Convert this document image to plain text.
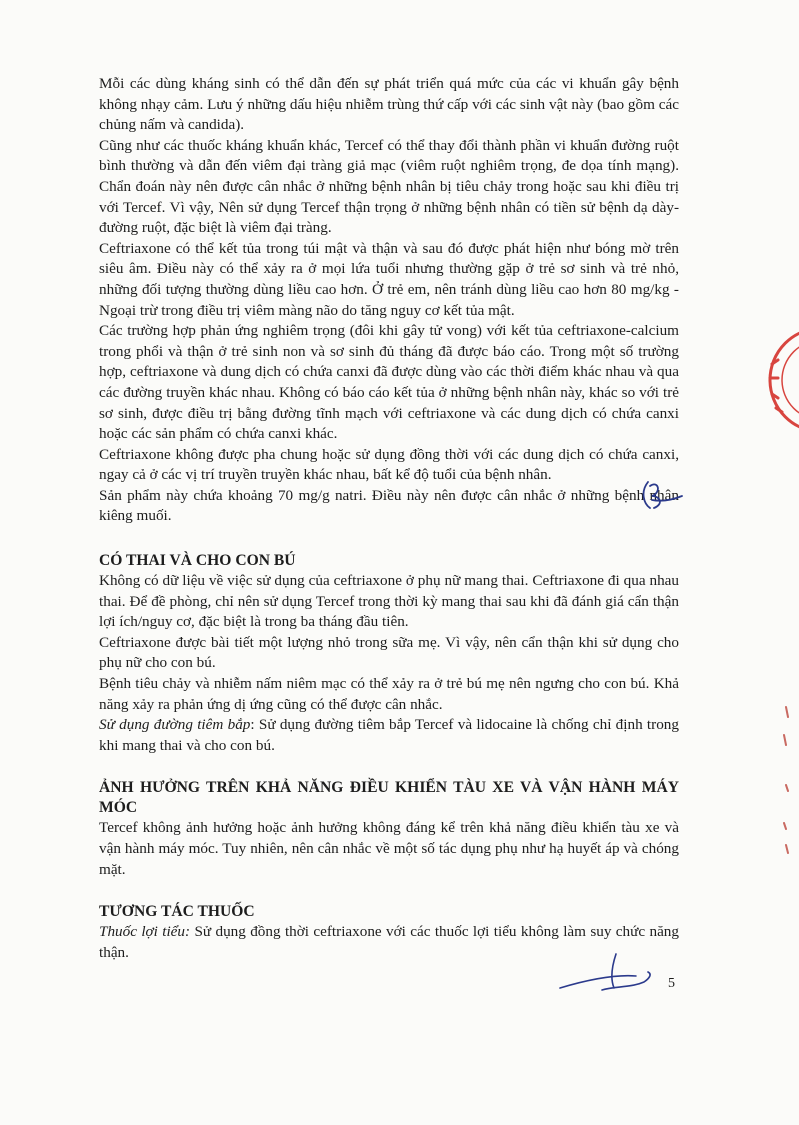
Mỗi các dùng kháng sinh có thể dẫn đến sự phát triển quá mức của các vi khuẩn gây bệnh không nhạy cảm. Lưu ý những dấu hiệu nhiễm trùng thứ cấp với các sinh vật này (bao gồm các chủng nấm và candida).

Cũng như các thuốc kháng khuẩn khác, Tercef có thể thay đổi thành phần vi khuẩn đường ruột bình thường và dẫn đến viêm đại tràng giả mạc (viêm ruột nghiêm trọng, đe dọa tính mạng). Chẩn đoán này nên được cân nhắc ở những bệnh nhân bị tiêu chảy trong hoặc sau khi điều trị với Tercef. Vì vậy, Nên sử dụng Tercef thận trọng ở những bệnh nhân có tiền sử bệnh dạ dày-đường ruột, đặc biệt là viêm đại tràng.

Ceftriaxone có thể kết tủa trong túi mật và thận và sau đó được phát hiện như bóng mờ trên siêu âm. Điều này có thể xảy ra ở mọi lứa tuổi nhưng thường gặp ở trẻ sơ sinh và trẻ nhỏ, những đối tượng thường dùng liều cao hơn. Ở trẻ em, nên tránh dùng liều cao hơn 80 mg/kg - Ngoại trừ trong điều trị viêm màng não do tăng nguy cơ kết tủa mật.

Các trường hợp phản ứng nghiêm trọng (đôi khi gây tử vong) với kết tủa ceftriaxone-calcium trong phổi và thận ở trẻ sinh non và sơ sinh đủ tháng đã được báo cáo. Trong một số trường hợp, ceftriaxone và dung dịch có chứa canxi đã được dùng vào các thời điểm khác nhau và qua các đường truyền khác nhau. Không có báo cáo kết tủa ở những bệnh nhân này, khác so với trẻ sơ sinh, được điều trị bằng đường tĩnh mạch với ceftriaxone và các dung dịch có chứa canxi hoặc các sản phẩm có chứa canxi khác.

Ceftriaxone không được pha chung hoặc sử dụng đồng thời với các dung dịch có chứa canxi, ngay cả ở các vị trí truyền truyền khác nhau, bất kể độ tuổi của bệnh nhân.

Sản phẩm này chứa khoảng 70 mg/g natri. Điều này nên được cân nhắc ở những bệnh nhân kiêng muối.

CÓ THAI VÀ CHO CON BÚ

Không có dữ liệu về việc sử dụng của ceftriaxone ở phụ nữ mang thai. Ceftriaxone đi qua nhau thai. Để đề phòng, chỉ nên sử dụng Tercef trong thời kỳ mang thai sau khi đã đánh giá cẩn thận lợi ích/nguy cơ, đặc biệt là trong ba tháng đầu tiên.

Ceftriaxone được bài tiết một lượng nhỏ trong sữa mẹ. Vì vậy, nên cẩn thận khi sử dụng cho phụ nữ cho con bú.

Bệnh tiêu chảy và nhiễm nấm niêm mạc có thể xảy ra ở trẻ bú mẹ nên ngưng cho con bú. Khả năng xảy ra phản ứng dị ứng cũng có thể được cân nhắc.

Sử dụng đường tiêm bắp: Sử dụng đường tiêm bắp Tercef và lidocaine là chống chỉ định trong khi mang thai và cho con bú.

ẢNH HƯỞNG TRÊN KHẢ NĂNG ĐIỀU KHIỂN TÀU XE VÀ VẬN HÀNH MÁY MÓC

Tercef không ảnh hưởng hoặc ảnh hưởng không đáng kể trên khả năng điều khiển tàu xe và vận hành máy móc. Tuy nhiên, nên cân nhắc về một số tác dụng phụ như hạ huyết áp và chóng mặt.

TƯƠNG TÁC THUỐC

Thuốc lợi tiểu: Sử dụng đồng thời ceftriaxone với các thuốc lợi tiểu không làm suy chức năng thận.

5
